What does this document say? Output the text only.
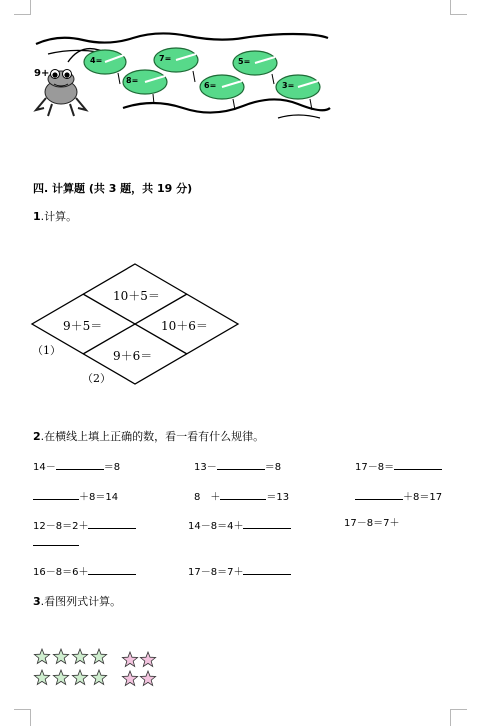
9+
4=	7=	5=
8=
6=	3=
四. 计算题 (共 3 题，共 19 分)
1.计算。
10＋5＝
9＋5＝	10＋6＝
9＋6＝
（1）
（2）
2.在横线上填上正确的数，看一看有什么规律。
14－	＝8	13－	＝8	17－8＝
＋8＝14	8　＋	＝13	＋8＝17
12－8＝2＋	14－8＝4＋	17－8＝7＋
16－8＝6＋	17－8＝7＋
3.看图列式计算。
